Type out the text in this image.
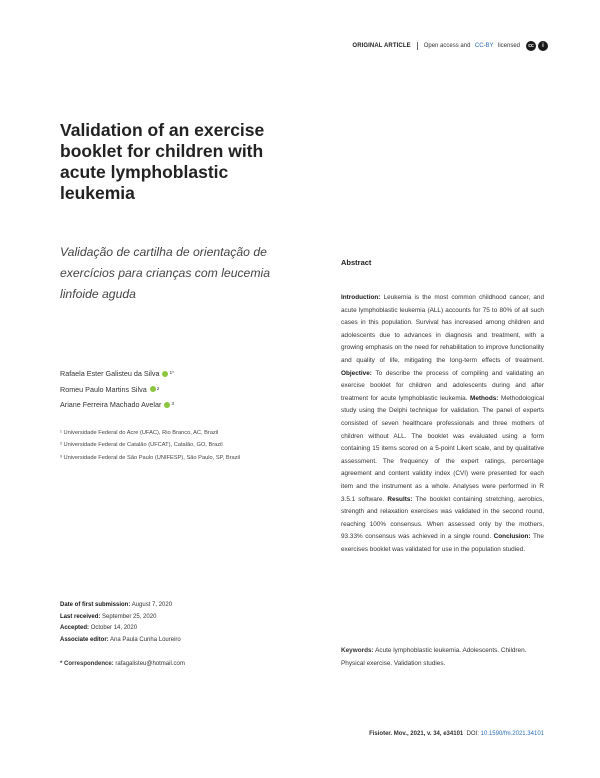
ORIGINAL ARTICLE Open access and
CC-BY
licensed	cc	i
Validation of an exercise booklet for children with acute lymphoblastic leukemia
Validação de cartilha de orientação de exercícios para crianças com leucemia linfoide aguda
Rafaela Ester Galisteu da Silva 1*
Romeu Paulo Martins Silva 2
Ariane Ferreira Machado Avelar 3
¹ Universidade Federal do Acre (UFAC), Rio Branco, AC, Brazil
² Universidade Federal de Catalão (UFCAT), Catalão, GO, Brazil
³ Universidade Federal de São Paulo (UNIFESP), São Paulo, SP, Brazil
Date of first submission: August 7, 2020
Last received: September 25, 2020
Accepted: October 14, 2020
Associate editor: Ana Paula Cunha Loureiro
* Correspondence: rafagalisteu@hotmail.com
Abstract

Introduction: Leukemia is the most common childhood cancer, and acute lymphoblastic leukemia (ALL) accounts for 75 to 80% of all such cases in this population. Survival has increased among children and adolescents due to advances in diagnosis and treatment, with a growing emphasis on the need for rehabilitation to improve functionality and quality of life, mitigating the long-term effects of treatment. Objective: To describe the process of compiling and validating an exercise booklet for children and adolescents during and after treatment for acute lymphoblastic leukemia. Methods: Methodological study using the Delphi technique for validation. The panel of experts consisted of seven healthcare professionals and three mothers of children without ALL. The booklet was evaluated using a form containing 15 items scored on a 5-point Likert scale, and by qualitative assessment. The frequency of the expert ratings, percentage agreement and content validity index (CVI) were presented for each item and the instrument as a whole. Analyses were performed in R 3.5.1 software. Results: The booklet containing stretching, aerobics, strength and relaxation exercises was validated in the second round, reaching 100% consensus. When assessed only by the mothers, 93.33% consensus was achieved in a single round. Conclusion: The exercises booklet was validated for use in the population studied.

Keywords: Acute lymphoblastic leukemia. Adolescents. Children. Physical exercise. Validation studies.

Fisioter. Mov., 2021, v. 34, e34101 DOI: 10.1590/fm.2021.34101
